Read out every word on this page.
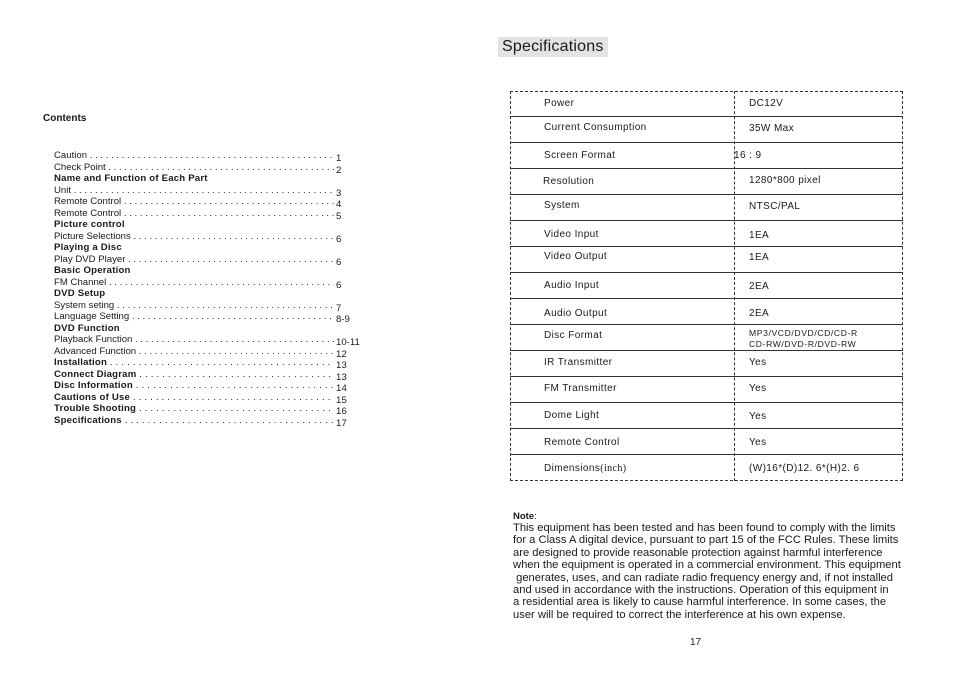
Contents
Caution . . .	1
Check Point . . .	2
Name and Function of Each Part
Unit . . .	3
Remote Control . . .	4
Remote Control . . .	5
Picture control
Picture Selections . . .	6
Playing a Disc
Play DVD Player . . .	6
Basic Operation
FM Channel . . .	6
DVD Setup
System seting . . .	7
Language Setting . . .	8-9
DVD Function
Playback Function . . .	10-11
Advanced Function . . .	12
Installation . . .	13
Connect Diagram . . .	13
Disc Information . . .	14
Cautions of Use . . .	15
Trouble Shooting . . .	16
Specifications . . .	17
Specifications
Power	DC12V
Current Consumption	35W Max
Screen Format	16 : 9
Resolution	1280*800 pixel
System	NTSC/PAL
Video Input	1EA
Video Output	1EA
Audio Input	2EA
Audio Output	2EA
Disc Format	MP3/VCD/DVD/CD/CD-R
CD-RW/DVD-R/DVD-RW
IR Transmitter	Yes
FM Transmitter	Yes
Dome Light	Yes
Remote Control	Yes
Dimensions(inch)	(W)16*(D)12. 6*(H)2. 6
Note:
This equipment has been tested and has been found to comply with the limits
for a Class A digital device, pursuant to part 15 of the FCC Rules. These limits
are designed to provide reasonable protection against harmful interference
when the equipment is operated in a commercial environment. This equipment
generates, uses, and can radiate radio frequency energy and, if not installed
and used in accordance with the instructions. Operation of this equipment in
a residential area is likely to cause harmful interference. In some cases, the
user will be required to correct the interference at his own expense.
17
